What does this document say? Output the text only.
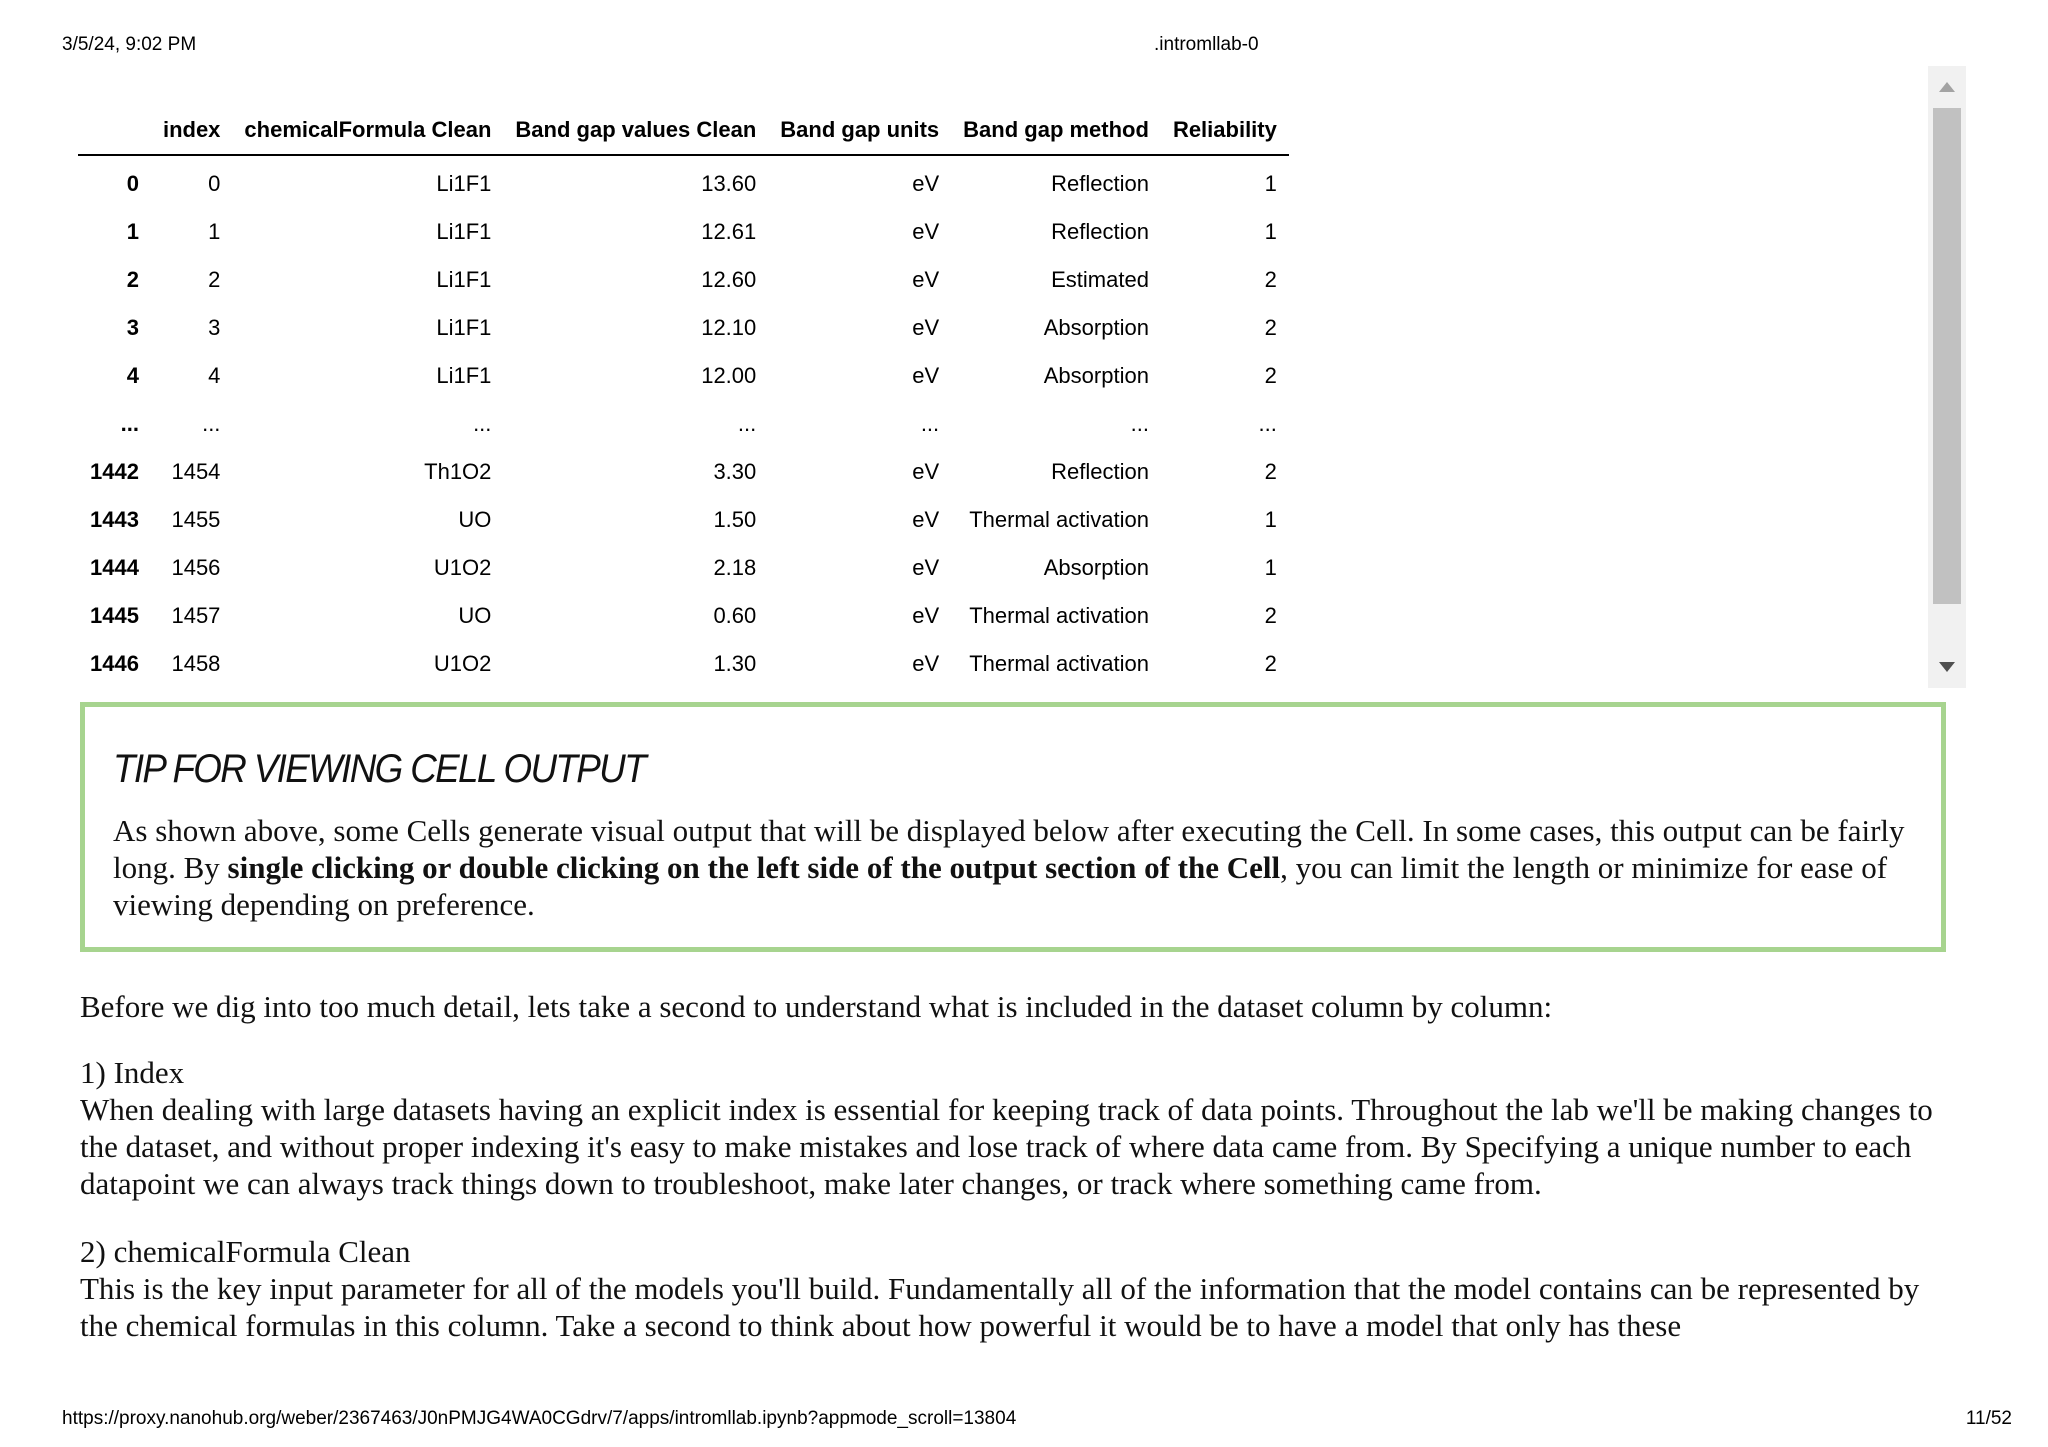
3/5/24, 9:02 PM	.intromllab-0
	index	chemicalFormula Clean	Band gap values Clean	Band gap units	Band gap method	Reliability
0	0	Li1F1	13.60	eV	Reflection	1
1	1	Li1F1	12.61	eV	Reflection	1
2	2	Li1F1	12.60	eV	Estimated	2
3	3	Li1F1	12.10	eV	Absorption	2
4	4	Li1F1	12.00	eV	Absorption	2
...	...	...	...	...	...	...
1442	1454	Th1O2	3.30	eV	Reflection	2
1443	1455	UO	1.50	eV	Thermal activation	1
1444	1456	U1O2	2.18	eV	Absorption	1
1445	1457	UO	0.60	eV	Thermal activation	2
1446	1458	U1O2	1.30	eV	Thermal activation	2
TIP FOR VIEWING CELL OUTPUT
As shown above, some Cells generate visual output that will be displayed below after executing the Cell. In some cases, this output can be fairly long. By single clicking or double clicking on the left side of the output section of the Cell, you can limit the length or minimize for ease of viewing depending on preference.
Before we dig into too much detail, lets take a second to understand what is included in the dataset column by column:
1) Index
When dealing with large datasets having an explicit index is essential for keeping track of data points. Throughout the lab we'll be making changes to the dataset, and without proper indexing it's easy to make mistakes and lose track of where data came from. By Specifying a unique number to each datapoint we can always track things down to troubleshoot, make later changes, or track where something came from.
2) chemicalFormula Clean
This is the key input parameter for all of the models you'll build. Fundamentally all of the information that the model contains can be represented by the chemical formulas in this column. Take a second to think about how powerful it would be to have a model that only has these
https://proxy.nanohub.org/weber/2367463/J0nPMJG4WA0CGdrv/7/apps/intromllab.ipynb?appmode_scroll=13804	11/52
